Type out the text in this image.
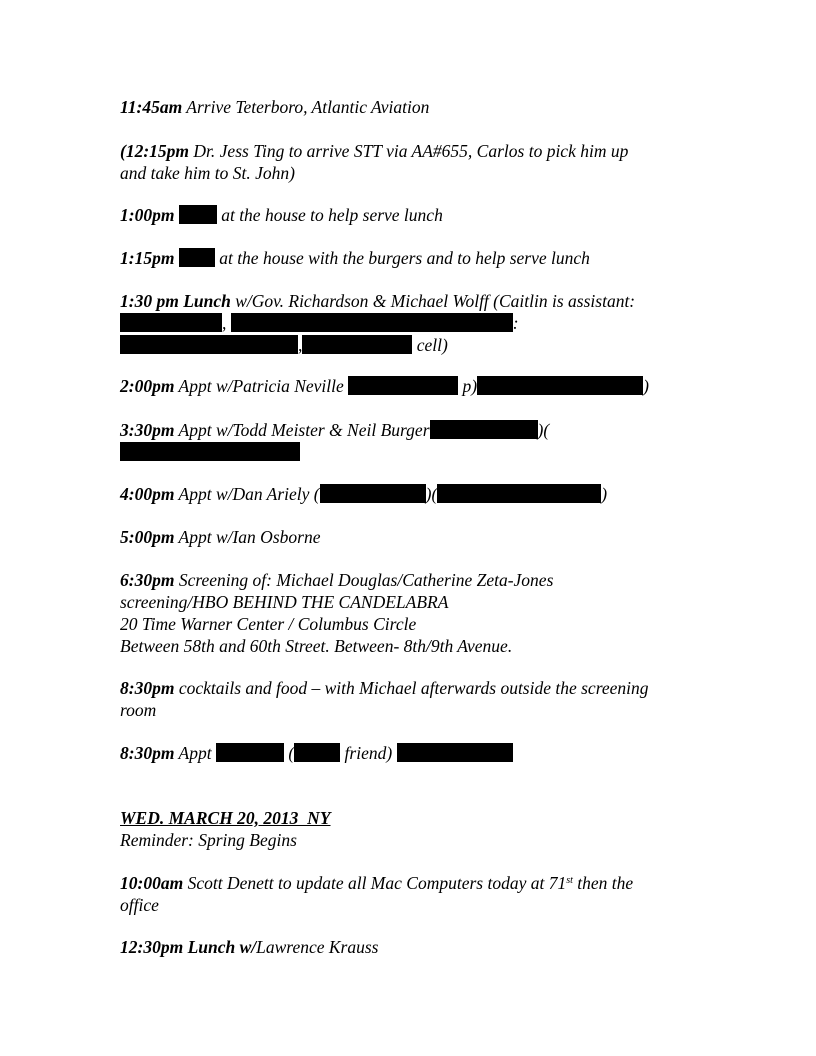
11:45am Arrive Teterboro, Atlantic Aviation
(12:15pm Dr. Jess Ting to arrive STT via AA#655, Carlos to pick him up
and take him to St. John)
1:00pm	at the house to help serve lunch
1:15pm	at the house with the burgers and to help serve lunch
1:30 pm Lunch w/Gov. Richardson & Michael Wolff (Caitlin is assistant:
,	:
,	cell)
2:00pm Appt w/Patricia Neville	p)	)
3:30pm Appt w/Todd Meister & Neil Burger	)(

4:00pm Appt w/Dan Ariely (	)(	)
5:00pm Appt w/Ian Osborne
6:30pm Screening of: Michael Douglas/Catherine Zeta-Jones
screening/HBO BEHIND THE CANDELABRA
20 Time Warner Center / Columbus Circle
Between 58th and 60th Street. Between- 8th/9th Avenue.
8:30pm cocktails and food – with Michael afterwards outside the screening
room
8:30pm Appt	(	friend)
WED. MARCH 20, 2013  NY
Reminder: Spring Begins
10:00am Scott Denett to update all Mac Computers today at 71st then the
office
12:30pm Lunch w/Lawrence Krauss
